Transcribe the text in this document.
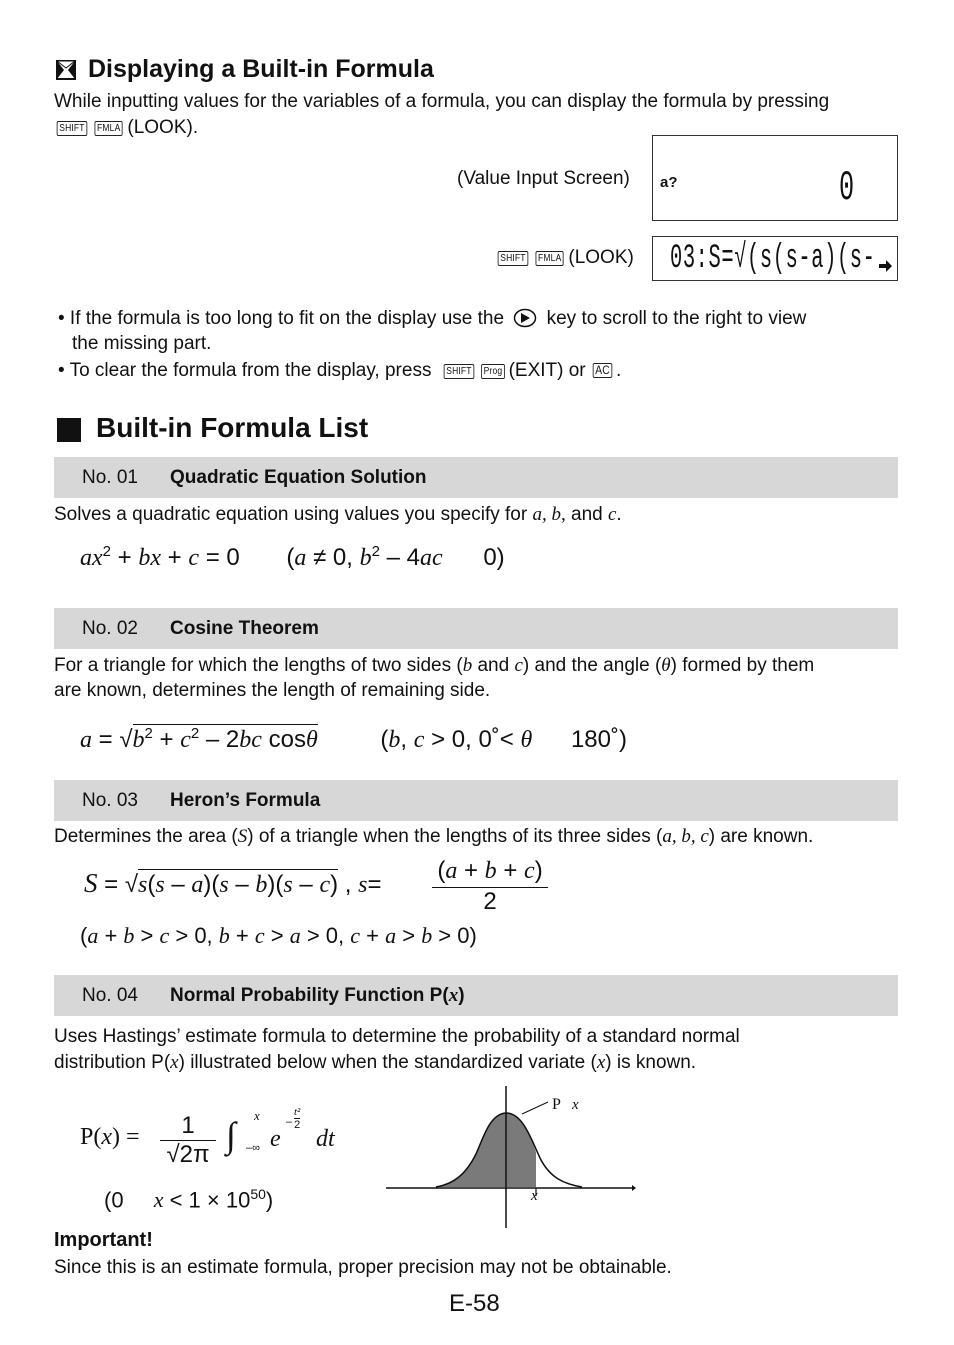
Displaying a Built-in Formula
While inputting values for the variables of a formula, you can display the formula by pressing
SHIFT FMLA (LOOK).
(Value Input Screen) a?	0
SHIFT FMLA (LOOK) 03:S=√(s(s-a)(s-
• If the formula is too long to fit on the display use the key to scroll to the right to view
the missing part.
• To clear the formula from the display, press SHIFT Prog (EXIT) or AC .
Built-in Formula List
No. 01 Quadratic Equation Solution
Solves a quadratic equation using values you specify for a, b, and c.
$ax^2$ + bx + c = 0 (a ≠ 0, $b^2 - 4ac$ 0)
No. 02 Cosine Theorem
For a triangle for which the lengths of two sides (b and c) and the angle (θ) formed by them
are known, determines the length of remaining side.
$a = √b^2 + c^2 - 2bc$ cosθ	(b, c > 0, 0˚< θ 180˚)
No. 03 Heron’s Formula
Determines the area (S) of a triangle when the lengths of its three sides (a, b, c) are known.
S = √s(s – a)(s – b)(s – c) , s=
(a + b + c)
2
(a + b > c > 0, b + c > a > 0, c + a > b > 0)
No. 04 Normal Probability Function P(x)
Uses Hastings’ estimate formula to determine the probability of a standard normal
distribution P(x) illustrated below when the standardized variate (x) is known.
P(x) =	1
√2π ∫ x
–∞ e
–
t²
2
dt
(0 $x < 1 \times 10^{50}$)
P x
x
Important!
Since this is an estimate formula, proper precision may not be obtainable.
E-58
